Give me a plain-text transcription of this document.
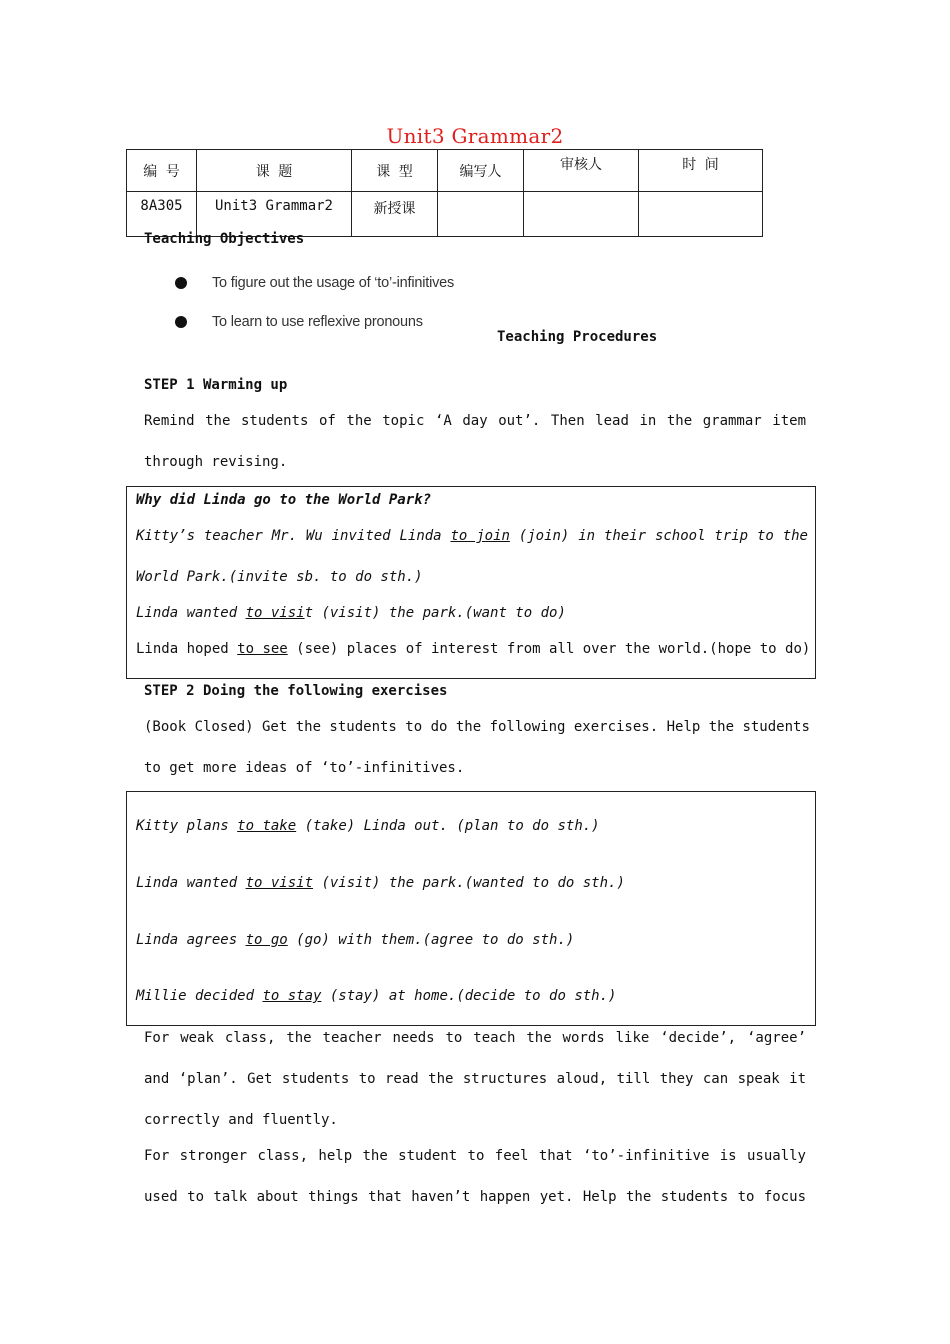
Unit3 Grammar2
编 号	课 题	课 型	编写人	审核人	时 间
8A305	Unit3 Grammar2	新授课			
Teaching Objectives
To figure out the usage of ‘to’-infinitives
To learn to use reflexive pronouns
Teaching Procedures
STEP 1 Warming up
Remind the students of the topic ‘A day out’. Then lead in the grammar item
through revising.
Why did Linda go to the World Park?
Kitty’s teacher Mr. Wu invited Linda to join (join) in their school trip to the
World Park.(invite sb. to do sth.)
Linda wanted to visit (visit) the park.(want to do)
Linda hoped to see (see) places of interest from all over the world.(hope to do)
STEP 2 Doing the following exercises
(Book Closed) Get the students to do the following exercises. Help the students
to get more ideas of ‘to’-infinitives.
Kitty plans to take (take) Linda out. (plan to do sth.)
Linda wanted to visit (visit) the park.(wanted to do sth.)
Linda agrees to go (go) with them.(agree to do sth.)
Millie decided to stay (stay) at home.(decide to do sth.)
For weak class, the teacher needs to teach the words like ‘decide’, ‘agree’
and ‘plan’. Get students to read the structures aloud, till they can speak it
correctly and fluently.
For stronger class, help the student to feel that ‘to’-infinitive is usually
used to talk about things that haven’t happen yet. Help the students to focus
